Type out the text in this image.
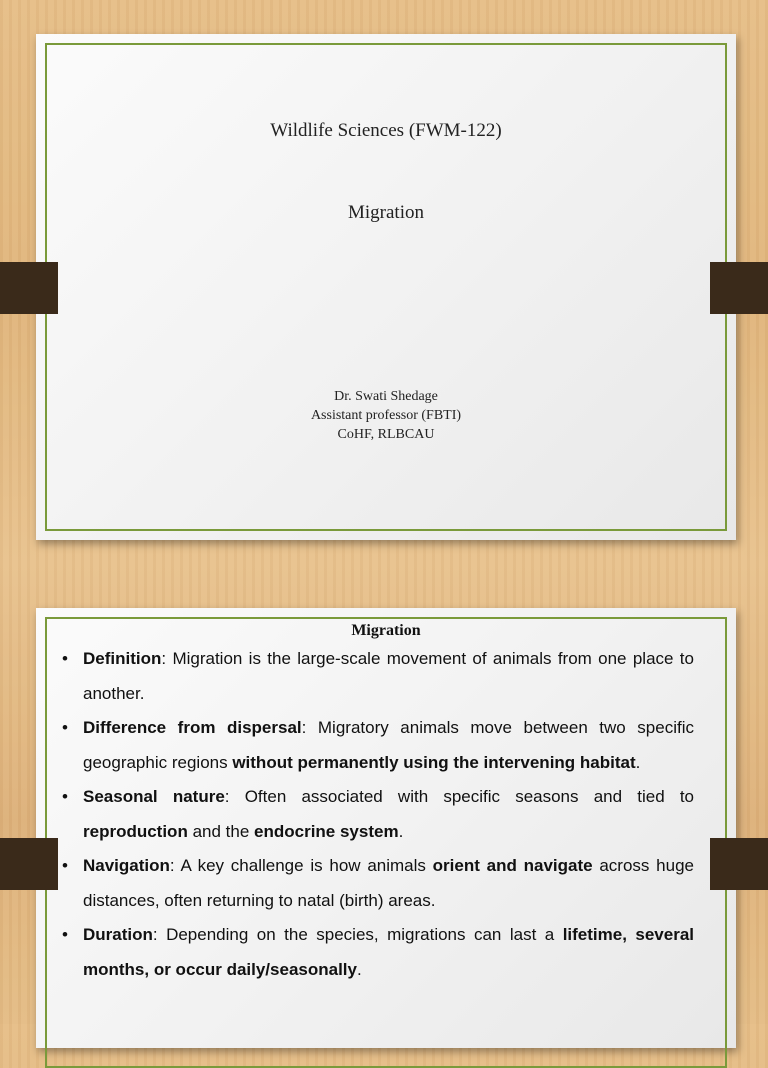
Wildlife Sciences (FWM-122)
Migration
Dr. Swati Shedage
Assistant professor (FBTI)
CoHF, RLBCAU
Migration
• Definition: Migration is the large-scale movement of animals from one place to another.
• Difference from dispersal: Migratory animals move between two specific geographic regions without permanently using the intervening habitat.
• Seasonal nature: Often associated with specific seasons and tied to reproduction and the endocrine system.
• Navigation: A key challenge is how animals orient and navigate across huge distances, often returning to natal (birth) areas.
• Duration: Depending on the species, migrations can last a lifetime, several months, or occur daily/seasonally.
